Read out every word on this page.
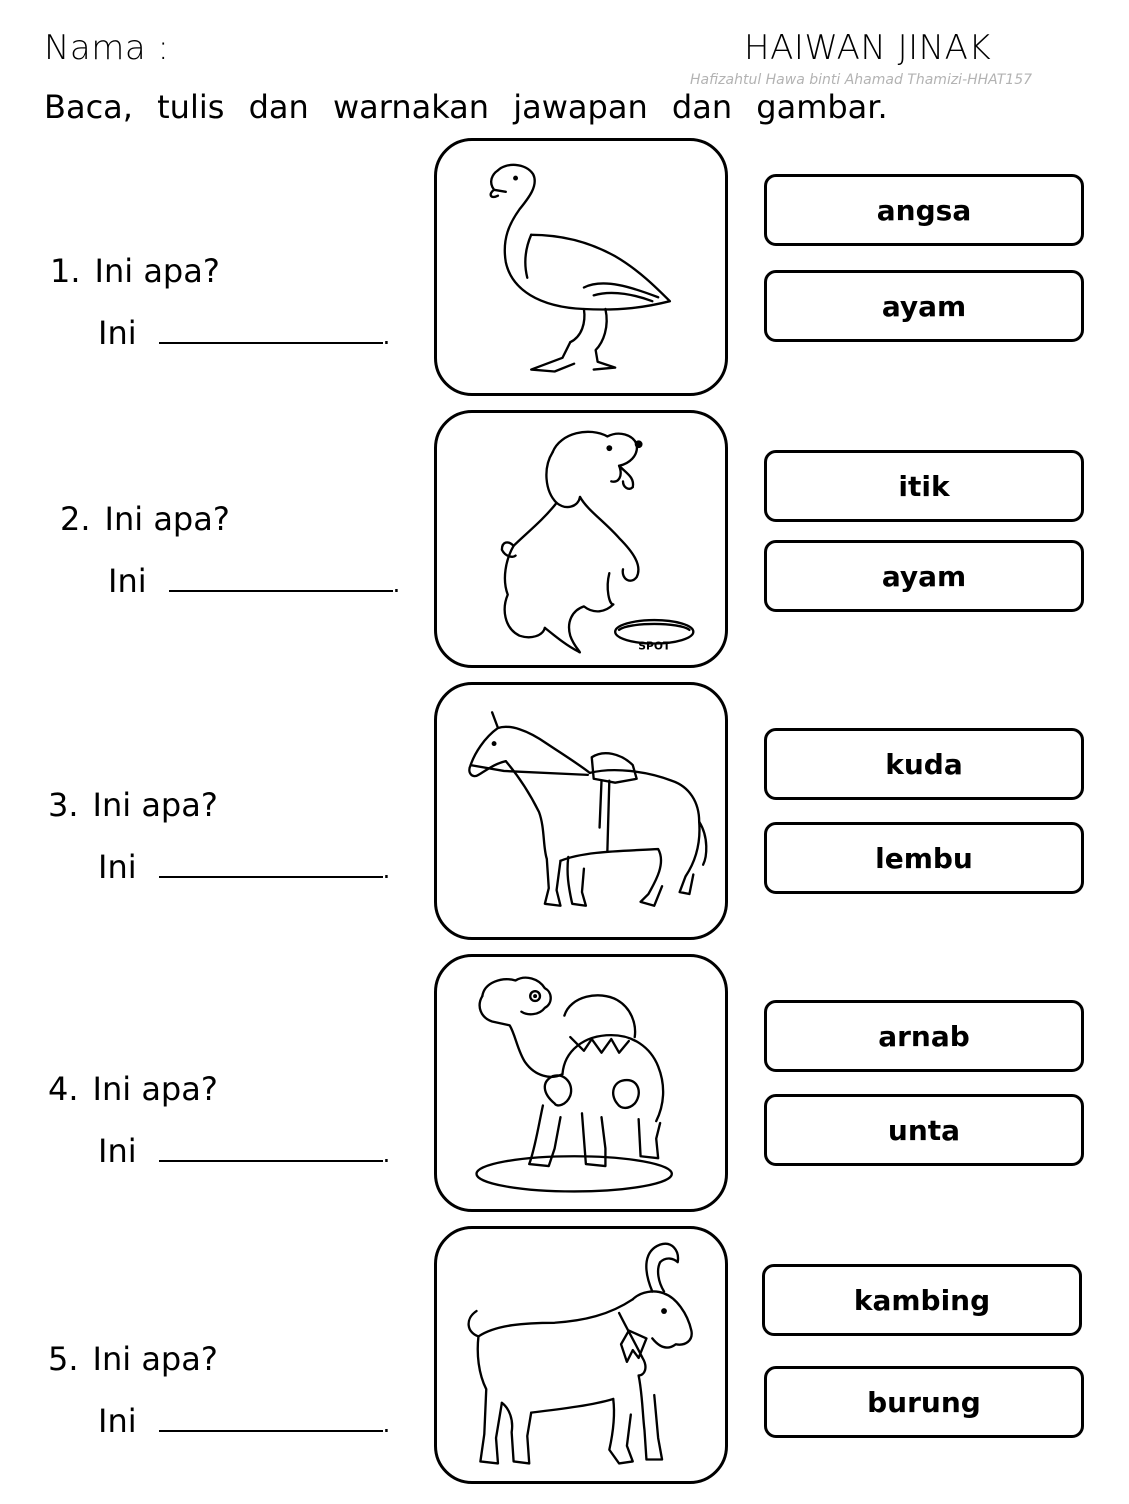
Nama :	HAIWAN JINAK
Hafizahtul Hawa binti Ahamad Thamizi-HHAT157
Baca, tulis dan warnakan jawapan dan gambar.
1. Ini apa?
Ini	.
2. Ini apa?
Ini	.
3. Ini apa?
Ini	.
4. Ini apa?
Ini	.
5. Ini apa?
Ini	.
SPOT
angsa
ayam
itik
ayam
kuda
lembu
arnab
unta
kambing
burung
